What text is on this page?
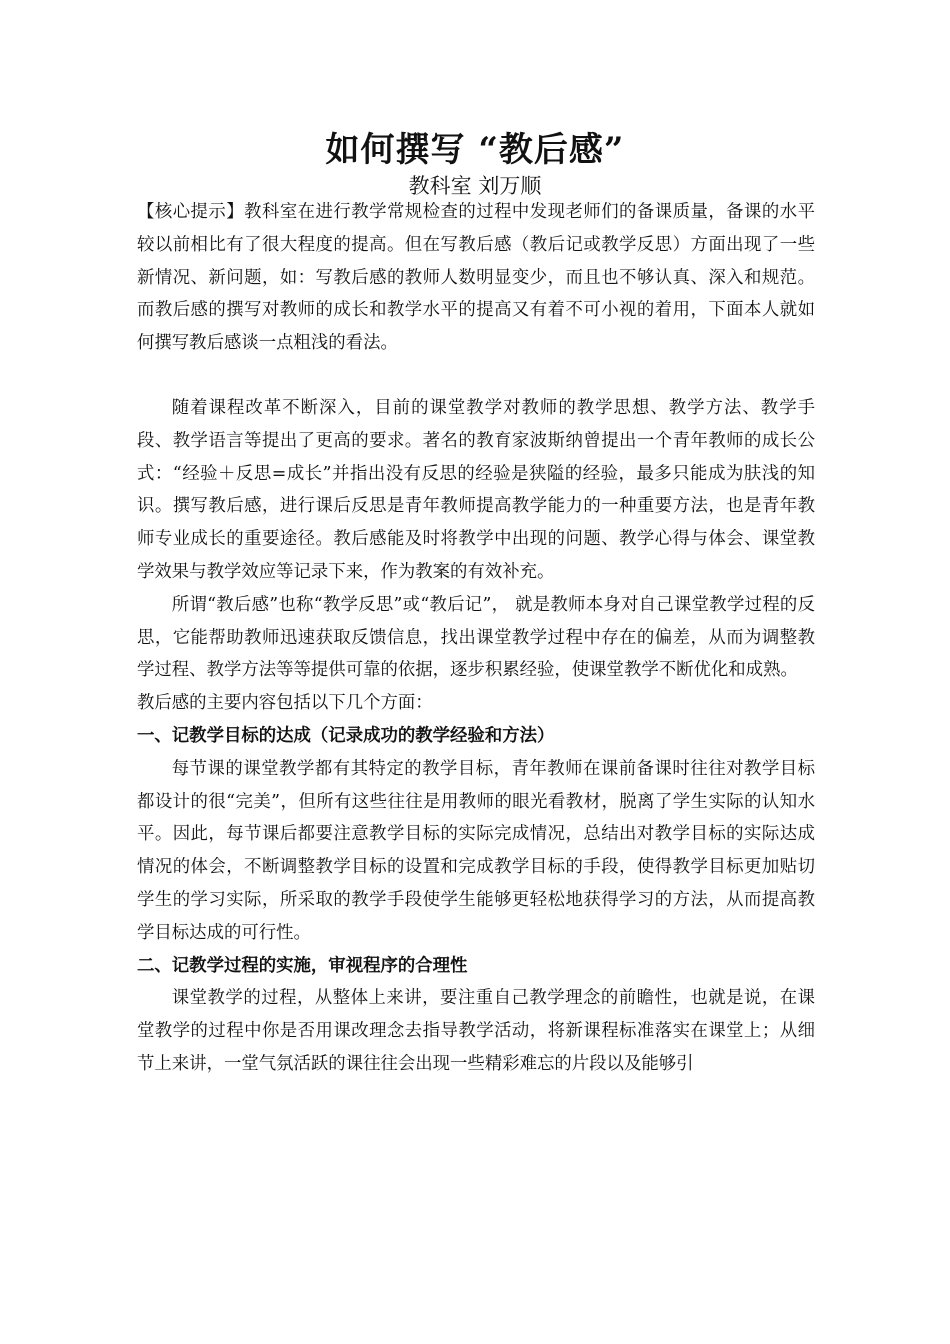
如何撰写 “教后感”
教科室 刘万顺

【核心提示】教科室在进行教学常规检查的过程中发现老师们的备课质量，备课的水平较以前相比有了很大程度的提高。但在写教后感（教后记或教学反思）方面出现了一些新情况、新问题，如：写教后感的教师人数明显变少，而且也不够认真、深入和规范。而教后感的撰写对教师的成长和教学水平的提高又有着不可小视的着用，下面本人就如何撰写教后感谈一点粗浅的看法。

随着课程改革不断深入，目前的课堂教学对教师的教学思想、教学方法、教学手段、教学语言等提出了更高的要求。著名的教育家波斯纳曾提出一个青年教师的成长公式：“经验＋反思=成长”并指出没有反思的经验是狭隘的经验，最多只能成为肤浅的知识。撰写教后感，进行课后反思是青年教师提高教学能力的一种重要方法，也是青年教师专业成长的重要途径。教后感能及时将教学中出现的问题、教学心得与体会、课堂教学效果与教学效应等记录下来，作为教案的有效补充。

所谓“教后感”也称“教学反思”或“教后记”， 就是教师本身对自己课堂教学过程的反思，它能帮助教师迅速获取反馈信息，找出课堂教学过程中存在的偏差，从而为调整教学过程、教学方法等等提供可靠的依据，逐步积累经验，使课堂教学不断优化和成熟。

教后感的主要内容包括以下几个方面：

一、记教学目标的达成（记录成功的教学经验和方法）

每节课的课堂教学都有其特定的教学目标，青年教师在课前备课时往往对教学目标都设计的很“完美”，但所有这些往往是用教师的眼光看教材，脱离了学生实际的认知水平。因此，每节课后都要注意教学目标的实际完成情况，总结出对教学目标的实际达成情况的体会，不断调整教学目标的设置和完成教学目标的手段，使得教学目标更加贴切学生的学习实际，所采取的教学手段使学生能够更轻松地获得学习的方法，从而提高教学目标达成的可行性。

二、记教学过程的实施，审视程序的合理性

课堂教学的过程，从整体上来讲，要注重自己教学理念的前瞻性，也就是说，在课堂教学的过程中你是否用课改理念去指导教学活动，将新课程标准落实在课堂上；从细节上来讲，一堂气氛活跃的课往往会出现一些精彩难忘的片段以及能够引
